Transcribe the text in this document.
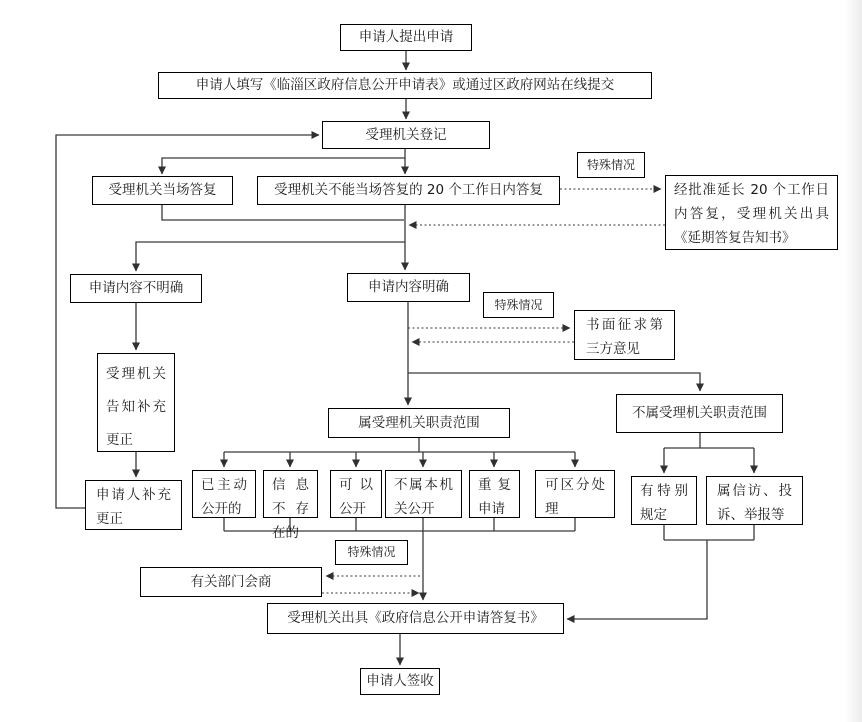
申请人提出申请
申请人填写《临淄区政府信息公开申请表》或通过区政府网站在线提交
受理机关登记
受理机关当场答复	受理机关不能当场答复的 20 个工作日内答复
特殊情况
经批准延长 20 个工作日内答复，受理机关出具《延期答复告知书》
申请内容不明确	申请内容明确
特殊情况
书面征求第三方意见
受理机关告知补充更正
申请人补充更正
属受理机关职责范围
已主动公开的
信息不存在的
可以公开
不属本机关公开
重复申请
可区分处理
不属受理机关职责范围
有特别规定
属信访、投诉、举报等
特殊情况
有关部门会商
受理机关出具《政府信息公开申请答复书》
申请人签收
